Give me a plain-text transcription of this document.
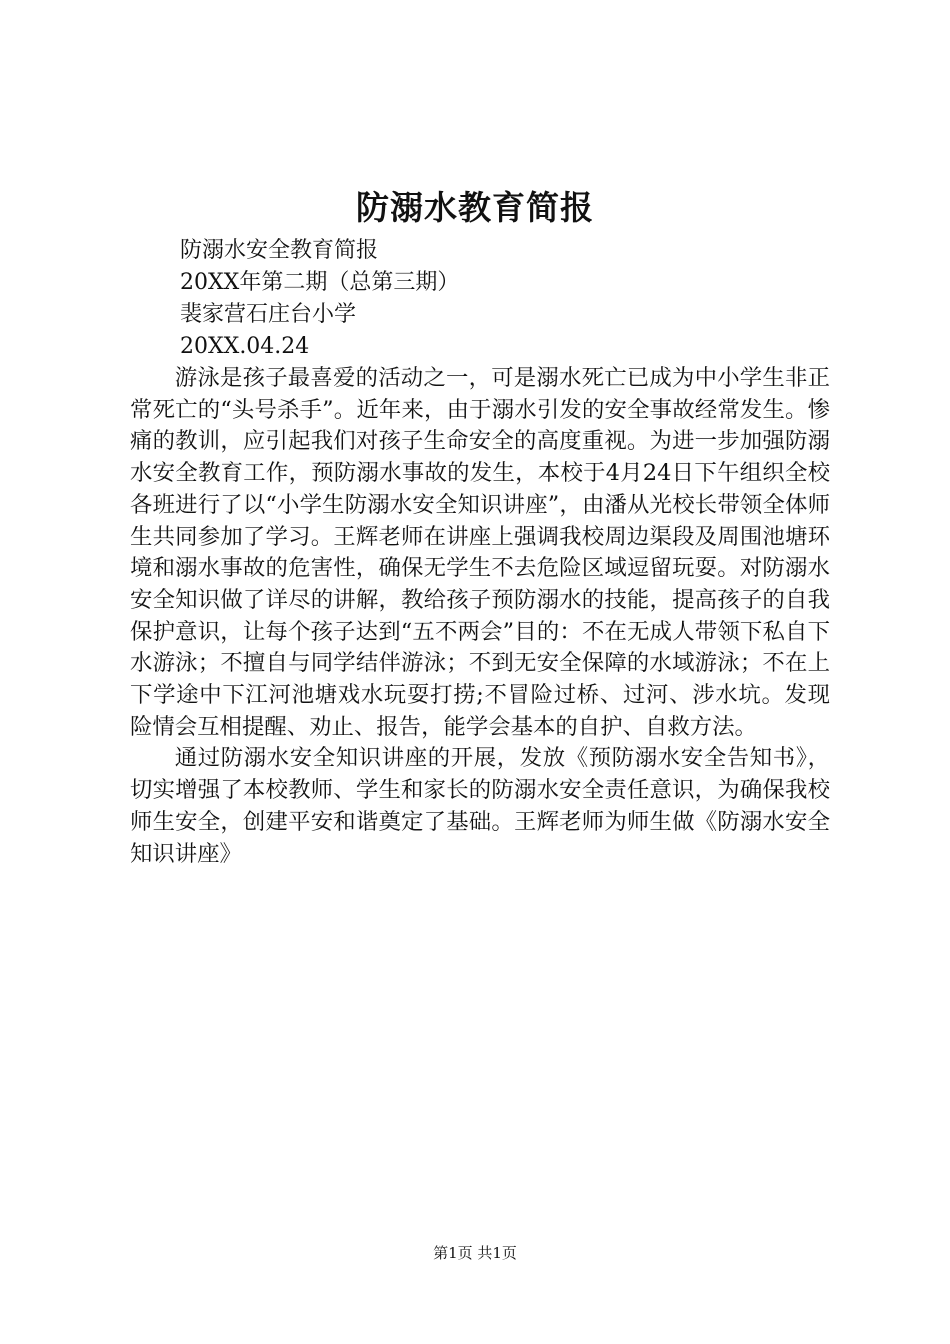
防溺水教育简报
防溺水安全教育简报
20XX年第二期（总第三期）
裴家营石庄台小学
20XX.04.24

游泳是孩子最喜爱的活动之一，可是溺水死亡已成为中小学生非正常死亡的“头号杀手”。近年来，由于溺水引发的安全事故经常发生。惨痛的教训，应引起我们对孩子生命安全的高度重视。为进一步加强防溺水安全教育工作，预防溺水事故的发生，本校于4月24日下午组织全校各班进行了以“小学生防溺水安全知识讲座”，由潘从光校长带领全体师生共同参加了学习。王辉老师在讲座上强调我校周边渠段及周围池塘环境和溺水事故的危害性，确保无学生不去危险区域逗留玩耍。对防溺水安全知识做了详尽的讲解，教给孩子预防溺水的技能，提高孩子的自我保护意识，让每个孩子达到“五不两会”目的：不在无成人带领下私自下水游泳；不擅自与同学结伴游泳；不到无安全保障的水域游泳；不在上下学途中下江河池塘戏水玩耍打捞;不冒险过桥、过河、涉水坑。发现险情会互相提醒、劝止、报告，能学会基本的自护、自救方法。

通过防溺水安全知识讲座的开展，发放《预防溺水安全告知书》，切实增强了本校教师、学生和家长的防溺水安全责任意识，为确保我校师生安全，创建平安和谐奠定了基础。王辉老师为师生做《防溺水安全知识讲座》

第1页 共1页
